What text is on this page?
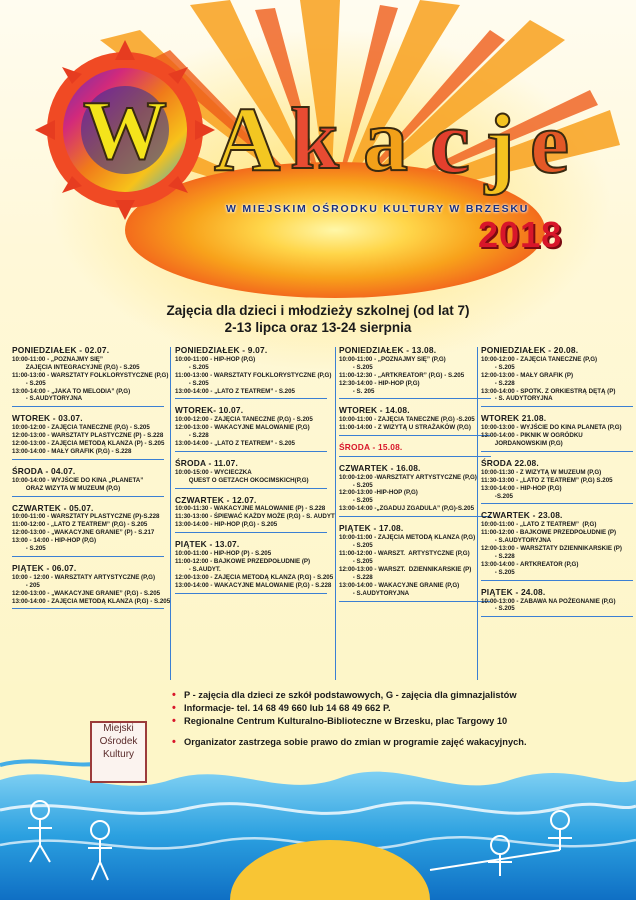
W A k a c j e
W MIEJSKIM OŚRODKU KULTURY W BRZESKU
2018
Zajęcia dla dzieci i młodzieży szkolnej (od lat 7)
2-13 lipca oraz 13-24 sierpnia
PONIEDZIAŁEK - 02.07.
10:00-11:00 - „POZNAJMY SIĘ”
ZAJĘCIA INTEGRACYJNE (P,G) - S.205
11:00-13:00 - WARSZTATY FOLKLORYSTYCZNE (P,G)
- S.205
13:00-14:00 - „JAKA TO MELODIA” (P,G)
- S.AUDYTORYJNA
WTOREK - 03.07.
10:00-12:00 - ZAJĘCIA TANECZNE (P,G) - S.205
12:00-13:00 - WARSZTATY PLASTYCZNE (P) - S.228
12:00-13:00 - ZAJĘCIA METODĄ KLANZA (P) - S.205
13:00-14:00 - MAŁY GRAFIK (P,G) - S.228
ŚRODA - 04.07.
10:00-14:00 - WYJŚCIE DO KINA „PLANETA”
ORAZ WIZYTA W MUZEUM (P,G)
CZWARTEK - 05.07.
10:00-11:00 - WARSZTATY PLASTYCZNE (P)-S.228
11:00-12:00 - „LATO Z TEATREM” (P,G) - S.205
12:00-13:00 - „WAKACYJNE GRANIE” (P) - S.217
13:00 - 14:00 - HIP-HOP (P,G)
- S.205
PIĄTEK - 06.07.
10:00 - 12:00 - WARSZTATY ARTYSTYCZNE (P,G)
- 205
12:00-13:00 - „WAKACYJNE GRANIE” (P,G) - S.205
13:00-14:00 - ZAJĘCIA METODĄ KLANZA (P,G) - S.205
PONIEDZIAŁEK - 9.07.
10:00-11:00 - HIP-HOP (P,G)
- S.205
11:00-13:00 - WARSZTATY FOLKLORYSTYCZNE (P,G)
- S.205
13:00-14:00 - „LATO Z TEATREM” - S.205
WTOREK- 10.07.
10:00-12:00 - ZAJĘCIA TANECZNE (P,G) - S.205
12:00-13:00 - WAKACYJNE MALOWANIE (P,G)
- S.228
13:00-14:00 - „LATO Z TEATREM” - S.205
ŚRODA - 11.07.
10:00-15:00 - WYCIECZKA
QUEST O GETZACH OKOCIMSKICH(P,G)
CZWARTEK - 12.07.
10:00-11:30 - WAKACYJNE MALOWANIE (P) - S.228
11:30-13:00 - ŚPIEWAĆ KAŻDY MOŻE (P,G) - S. AUDYT
13:00-14:00 - HIP-HOP (P,G) - S.205
PIĄTEK - 13.07.
10:00-11:00 - HIP-HOP (P) - S.205
11:00-12:00 - BAJKOWE PRZEDPOŁUDNIE (P)
- S.AUDYT.
12:00-13:00 - ZAJĘCIA METODĄ KLANZA (P,G) - S.205
13:00-14:00 - WAKACYJNE MALOWANIE (P,G) - S.228
PONIEDZIAŁEK - 13.08.
10:00-11:00 - „POZNAJMY SIĘ” (P,G)
- S.205
11:00-12:30 - „ARTKREATOR” (P,G) - S.205
12:30-14:00 - HIP-HOP (P,G)
- S. 205
WTOREK - 14.08.
10:00-11:00 - ZAJĘCIA TANECZNE (P,G) -S.205
11:00-14:00 - Z WIZYTĄ U STRAŻAKÓW (P,G)
ŚRODA - 15.08.
CZWARTEK - 16.08.
10:00-12:00 -WARSZTATY ARTYSTYCZNE (P,G)
- S.205
12:00-13:00 -HIP-HOP (P,G)
- S.205
13:00-14:00 -„ZGADUJ ZGADULA” (P,G)-S.205
PIĄTEK - 17.08.
10:00-11:00 - ZAJĘCIA METODĄ KLANZA (P,G)
- S.205
11:00-12:00 - WARSZT.  ARTYSTYCZNE (P,G)
- S.205
12:00-13:00 - WARSZT.  DZIENNIKARSKIE (P)
- S.228
13:00-14:00 - WAKACYJNE GRANIE (P,G)
- S.AUDYTORYJNA
PONIEDZIAŁEK - 20.08.
10:00-12:00 - ZAJĘCIA TANECZNE (P,G)
- S.205
12:00-13:00 - MAŁY GRAFIK (P)
- S.228
13:00-14:00 - SPOTK. Z ORKIESTRĄ DĘTĄ (P)
- S. AUDYTORYJNA
WTOREK 21.08.
10:00-13:00 - WYJŚCIE DO KINA PLANETA (P,G)
13:00-14:00 - PIKNIK W OGRÓDKU
JORDANOWSKIM (P,G)
ŚRODA 22.08.
10:00-11:30 - Z WIZYTĄ W MUZEUM (P,G)
11:30-13:00 - „LATO Z TEATREM” (P,G) S.205
13:00-14:00 - HIP-HOP (P,G)
-S.205
CZWARTEK - 23.08.
10:00-11:00 - „LATO Z TEATREM”  (P,G)
11:00-12:00 - BAJKOWE PRZEDPOŁUDNIE (P)
- S.AUDYTORYJNA
12:00-13:00 - WARSZTATY DZIENNIKARSKIE (P)
- S.228
13:00-14:00 - ARTKREATOR (P,G)
- S.205
PIĄTEK - 24.08.
10:00-13:00 - ZABAWA NA POŻEGNANIE (P,G)
- S.205
Miejski
Ośrodek
Kultury
• P - zajęcia dla dzieci ze szkół podstawowych, G - zajęcia dla gimnazjalistów
• Informacje- tel. 14 68 49 660 lub 14 68 49 662 P.
• Regionalne Centrum Kulturalno-Biblioteczne w Brzesku, plac Targowy 10
• Organizator zastrzega sobie prawo do zmian w programie zajęć wakacyjnych.
